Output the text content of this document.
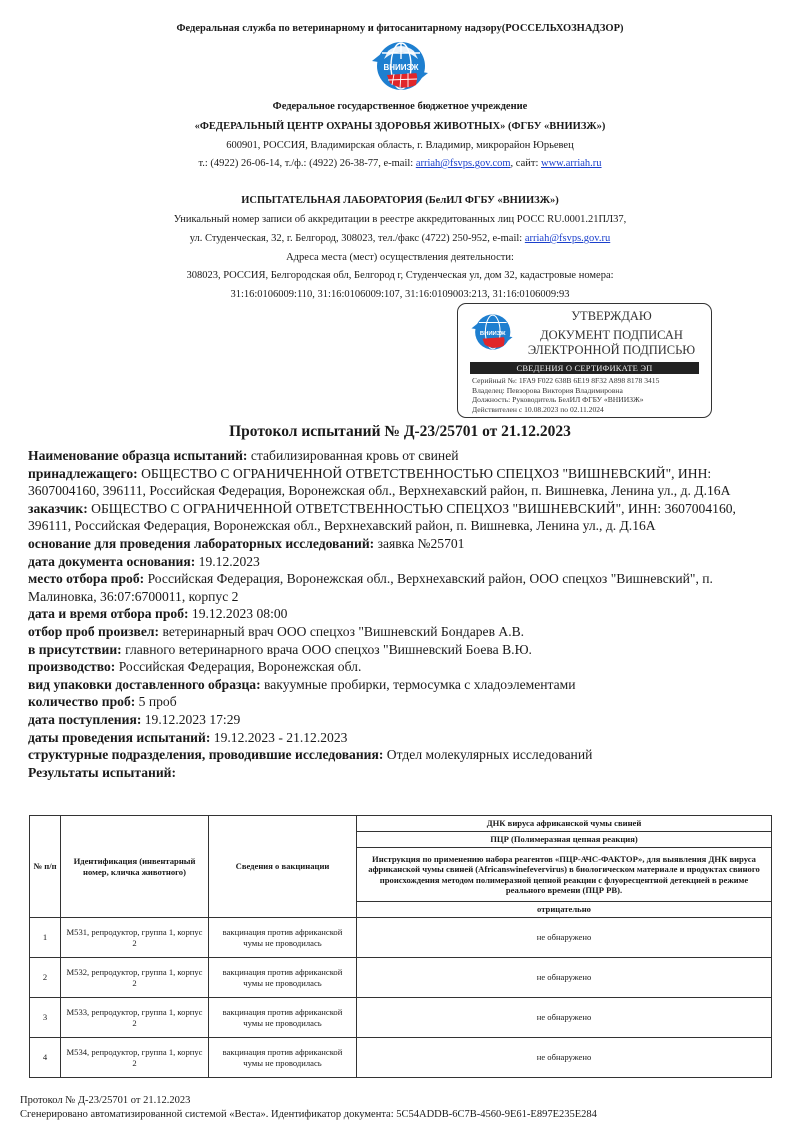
Федеральная служба по ветеринарному и фитосанитарному надзору(РОССЕЛЬХОЗНАДЗОР)
ВНИИЗЖ
Федеральное государственное бюджетное учреждение
«ФЕДЕРАЛЬНЫЙ ЦЕНТР ОХРАНЫ ЗДОРОВЬЯ ЖИВОТНЫХ» (ФГБУ «ВНИИЗЖ»)
600901, РОССИЯ, Владимирская область, г. Владимир, микрорайон Юрьевец
т.: (4922) 26-06-14, т./ф.: (4922) 26-38-77, e-mail: arriah@fsvps.gov.com, сайт: www.arriah.ru
ИСПЫТАТЕЛЬНАЯ ЛАБОРАТОРИЯ (БелИЛ ФГБУ «ВНИИЗЖ»)
Уникальный номер записи об аккредитации в реестре аккредитованных лиц РОСС RU.0001.21ПЛ37,
ул. Студенческая, 32, г. Белгород, 308023, тел./факс (4722) 250-952, e-mail: arriah@fsvps.gov.ru
Адреса места (мест) осуществления деятельности:
308023, РОССИЯ, Белгородская обл, Белгород г, Студенческая ул, дом 32, кадастровые номера:
31:16:0106009:110, 31:16:0106009:107, 31:16:0109003:213, 31:16:0106009:93
ВНИИЗЖ
УТВЕРЖДАЮ
ДОКУМЕНТ ПОДПИСАН
ЭЛЕКТРОННОЙ ПОДПИСЬЮ
СВЕДЕНИЯ О СЕРТИФИКАТЕ ЭП
Серийный №: 1FA9 F022 638B 6E19 8F32 A898 8178 3415
Владелец: Певзорова Виктория Владимировна
Должность: Руководитель БелИЛ ФГБУ «ВНИИЗЖ»
Действителен с 10.08.2023 по 02.11.2024
Протокол испытаний № Д-23/25701 от 21.12.2023

Наименование образца испытаний: стабилизированная кровь от свиней

принадлежащего: ОБЩЕСТВО С ОГРАНИЧЕННОЙ ОТВЕТСТВЕННОСТЬЮ СПЕЦХОЗ "ВИШНЕВСКИЙ", ИНН: 3607004160, 396111, Российская Федерация, Воронежская обл., Верхнехавский район, п. Вишневка, Ленина ул., д. Д.16А

заказчик: ОБЩЕСТВО С ОГРАНИЧЕННОЙ ОТВЕТСТВЕННОСТЬЮ СПЕЦХОЗ "ВИШНЕВСКИЙ", ИНН: 3607004160, 396111, Российская Федерация, Воронежская обл., Верхнехавский район, п. Вишневка, Ленина ул., д. Д.16А

основание для проведения лабораторных исследований: заявка №25701

дата документа основания: 19.12.2023

место отбора проб: Российская Федерация, Воронежская обл., Верхнехавский район, ООО спецхоз "Вишневский", п. Малиновка, 36:07:6700011, корпус 2

дата и время отбора проб: 19.12.2023 08:00

отбор проб произвел: ветеринарный врач ООО спецхоз "Вишневский Бондарев А.В.

в присутствии: главного ветеринарного врача ООО спецхоз "Вишневский Боева В.Ю.

производство: Российская Федерация, Воронежская обл.

вид упаковки доставленного образца: вакуумные пробирки, термосумка с хладоэлементами

количество проб: 5 проб

дата поступления: 19.12.2023 17:29

даты проведения испытаний: 19.12.2023 - 21.12.2023

структурные подразделения, проводившие исследования: Отдел молекулярных исследований

Результаты испытаний:

№ п/п	Идентификация (инвентарный номер, кличка животного)	Сведения о вакцинации	ДНК вируса африканской чумы свиней
			ПЦР (Полимеразная цепная реакция)
			Инструкция по применению набора реагентов «ПЦР-АЧС-ФАКТОР», для выявления ДНК вируса африканской чумы свиней (Africanswinefevervirus) в биологическом материале и продуктах свиного происхождения методом полимеразной цепной реакции с флуоресцентной детекцией в режиме реального времени (ПЦР РВ).
			отрицательно
1	M531, репродуктор, группа 1, корпус 2	вакцинация против африканской чумы не проводилась	не обнаружено
2	M532, репродуктор, группа 1, корпус 2	вакцинация против африканской чумы не проводилась	не обнаружено
3	M533, репродуктор, группа 1, корпус 2	вакцинация против африканской чумы не проводилась	не обнаружено
4	M534, репродуктор, группа 1, корпус 2	вакцинация против африканской чумы не проводилась	не обнаружено
Протокол № Д-23/25701 от 21.12.2023
Сгенерировано автоматизированной системой «Веста». Идентификатор документа: 5C54ADDB-6C7B-4560-9E61-E897E235E284
